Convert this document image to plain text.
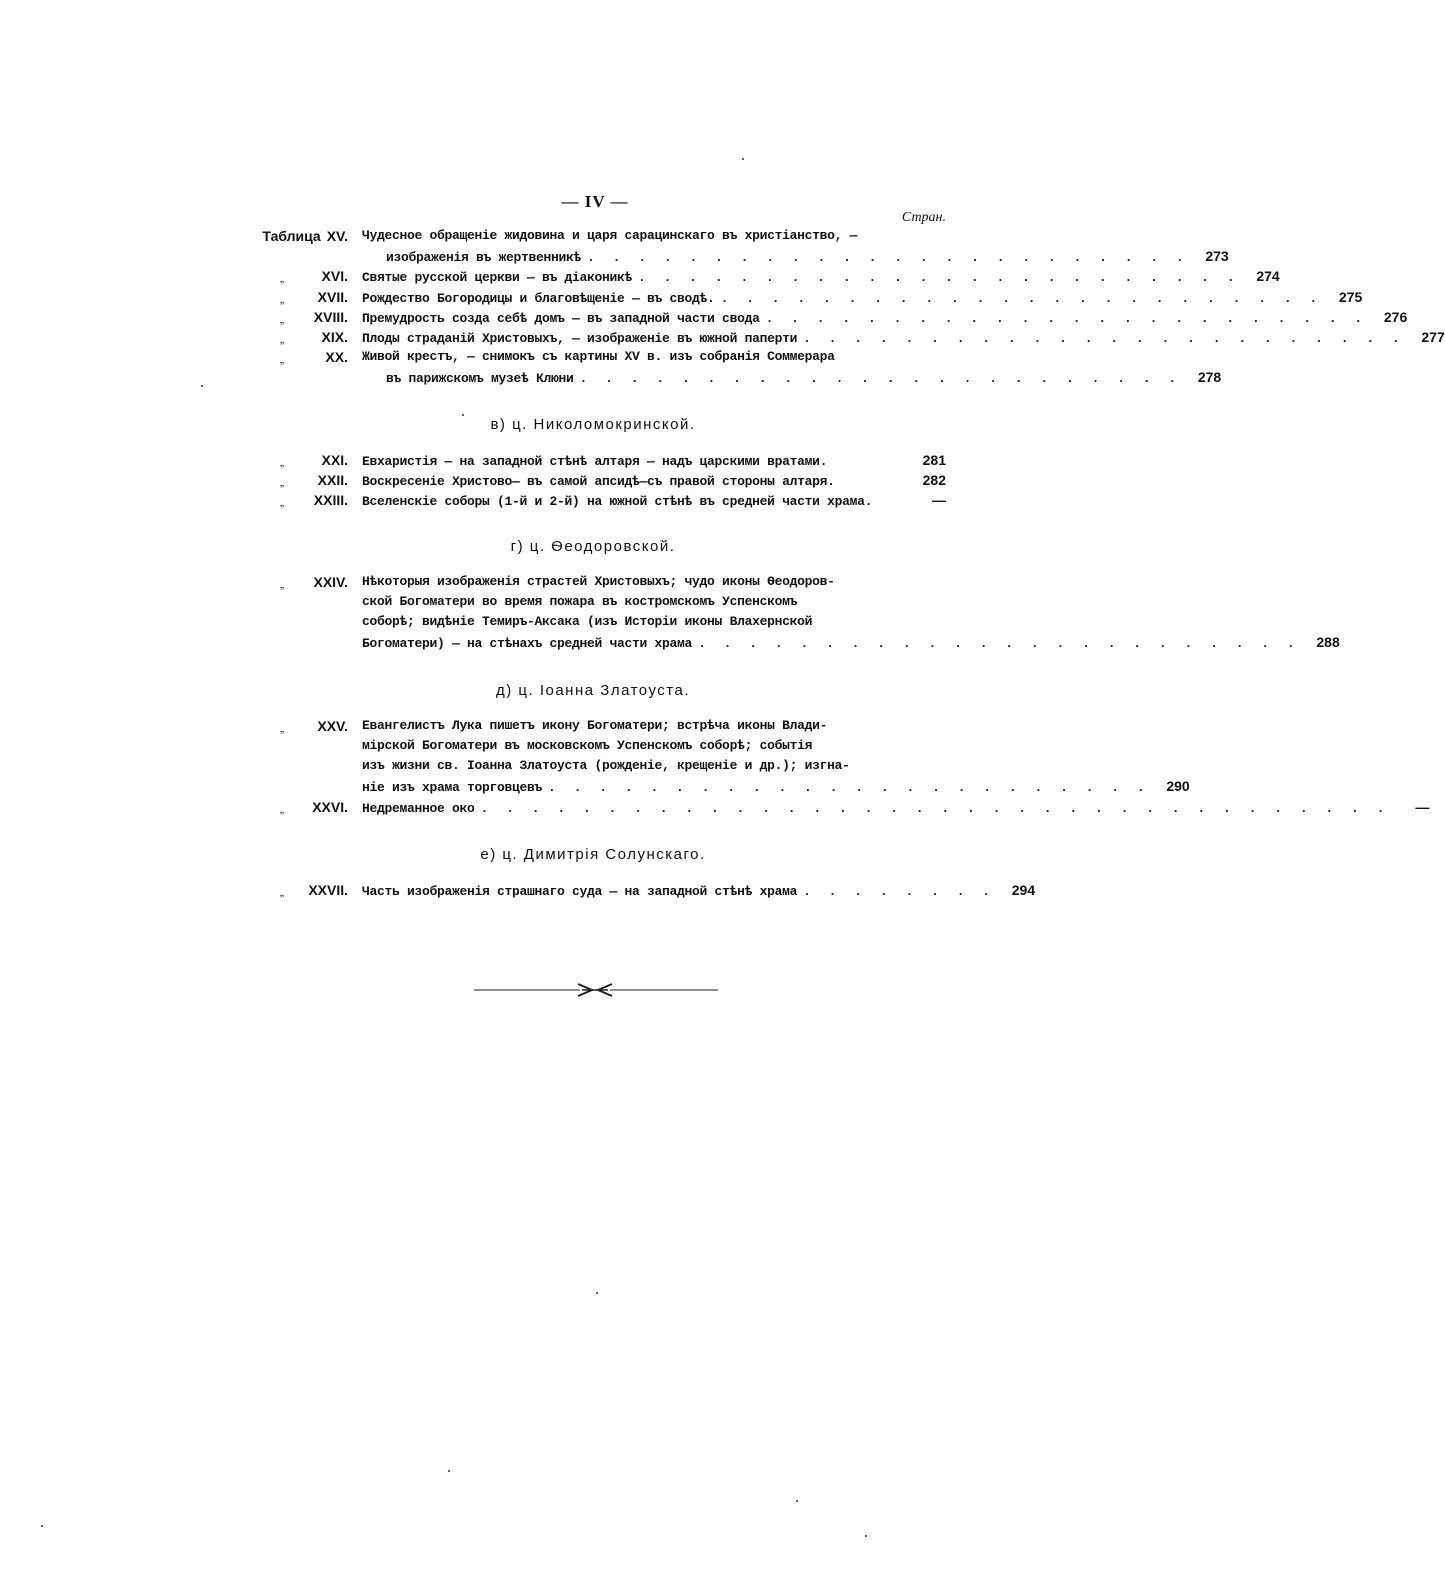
— IV —
Стран.
Таблица XV. Чудесное обращеніе жидовина и царя сарацинскаго въ христіанство, —
изображенія въ жертвенникѣ . . . . . . . . . . . . . . . . . . . . . . . .	273
„	XVI. Святые русской церкви — въ діаконикѣ . . . . . . . . . . . . . . . . . . . . . . . .	274
„ XVII. Рождество Богородицы и благовѣщеніе — въ сводѣ. . . . . . . . . . . . . . . . . . . . . . . . .	275
„ XVIII. Премудрость созда себѣ домъ — въ западной части свода . . . . . . . . . . . . . . . . . . . . . . . .	276
„	XIX. Плоды страданій Христовыхъ, — изображеніе въ южной паперти . . . . . . . . . . . . . . . . . . . . . . . .	277
„	XX. Живой крестъ, — снимокъ съ картины XV в. изъ собранія Соммерара
въ парижскомъ музеѣ Клюни . . . . . . . . . . . . . . . . . . . . . . . .	278
в) ц. Николомокринской.
„	XXI. Евхаристія — на западной стѣнѣ алтаря — надъ царскими вратами.	281
„ XXII. Воскресеніе Христово— въ самой апсидѣ—съ правой стороны алтаря.	282
„ XXIII. Вселенскіе соборы (1-й и 2-й) на южной стѣнѣ въ средней части храма.	—
г) ц. Ѳеодоровской.
„ XXIV. Нѣкоторыя изображенія страстей Христовыхъ; чудо иконы Ѳеодоров-
ской Богоматери во время пожара въ костромскомъ Успенскомъ
соборѣ; видѣніе Темиръ-Аксака (изъ Исторіи иконы Влахернской
Богоматери) — на стѣнахъ средней части храма . . . . . . . . . . . . . . . . . . . . . . . .	288
д) ц. Іоанна Златоуста.
„ XXV. Евангелистъ Лука пишетъ икону Богоматери; встрѣча иконы Влади-
мірской Богоматери въ московскомъ Успенскомъ соборѣ; событія
изъ жизни св. Іоанна Златоуста (рожденіе, крещеніе и др.); изгна-
ніе изъ храма торговцевъ . . . . . . . . . . . . . . . . . . . . . . . .	290
„ XXVI. Недреманное око . . . . . . . . . . . . . . . . . . . . . . . . . . . . . . . . . . . .	—
е) ц. Димитрія Солунскаго.
„ XXVII. Часть изображенія страшнаго суда — на западной стѣнѣ храма . . . . . . . .	294
